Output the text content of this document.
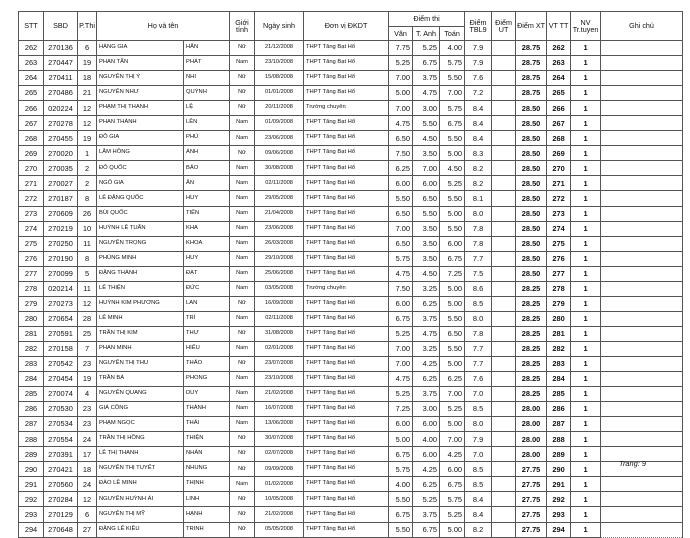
STT	SBD	P.Thi	Họ và tên		Giới tính	Ngày sinh	Đơn vị ĐKDT	Điểm thi			Điểm TBL9	Điểm UT	Điểm XT	VT TT	NV Tr.tuyen	Ghi chú
								Văn	T. Anh	Toán						
262	270136	6	HÀNG GIA	HÂN	Nữ	21/12/2008	THPT Tăng Bạt Hổ	7.75	5.25	4.00	7.9		28.75	262	1	
263	270447	19	PHAN TẤN	PHÁT	Nam	23/10/2008	THPT Tăng Bạt Hổ	5.25	6.75	5.75	7.9		28.75	263	1	
264	270411	18	NGUYỄN THỊ Ý	NHI	Nữ	15/08/2008	THPT Tăng Bạt Hổ	7.00	3.75	5.50	7.6		28.75	264	1	
265	270486	21	NGUYỄN NHƯ	QUỲNH	Nữ	01/01/2008	THPT Tăng Bạt Hổ	5.00	4.75	7.00	7.2		28.75	265	1	
266	020224	12	PHẠM THỊ THANH	LỆ	Nữ	20/11/2008	Trường chuyên	7.00	3.00	5.75	8.4		28.50	266	1	
267	270278	12	PHAN THÀNH	LÊN	Nam	01/09/2008	THPT Tăng Bạt Hổ	4.75	5.50	6.75	8.4		28.50	267	1	
268	270455	19	ĐỖ GIA	PHÚ	Nam	23/06/2008	THPT Tăng Bạt Hổ	6.50	4.50	5.50	8.4		28.50	268	1	
269	270020	1	LÂM HỒNG	ÁNH	Nữ	09/06/2008	THPT Tăng Bạt Hổ	7.50	3.50	5.00	8.3		28.50	269	1	
270	270035	2	ĐỖ QUỐC	BẢO	Nam	30/08/2008	THPT Tăng Bạt Hổ	6.25	7.00	4.50	8.2		28.50	270	1	
271	270027	2	NGÔ GIA	ÂN	Nam	02/11/2008	THPT Tăng Bạt Hổ	6.00	6.00	5.25	8.2		28.50	271	1	
272	270187	8	LÊ ĐẶNG QUỐC	HUY	Nam	29/05/2008	THPT Tăng Bạt Hổ	5.50	6.50	5.50	8.1		28.50	272	1	
273	270609	26	BÙI QUỐC	TIẾN	Nam	21/04/2008	THPT Tăng Bạt Hổ	6.50	5.50	5.00	8.0		28.50	273	1	
274	270219	10	HUỲNH LÊ TUẤN	KHA	Nam	23/06/2008	THPT Tăng Bạt Hổ	7.00	3.50	5.50	7.8		28.50	274	1	
275	270250	11	NGUYỄN TRỌNG	KHOA	Nam	26/03/2008	THPT Tăng Bạt Hổ	6.50	3.50	6.00	7.8		28.50	275	1	
276	270190	8	PHÙNG MINH	HUY	Nam	29/10/2008	THPT Tăng Bạt Hổ	5.75	3.50	6.75	7.7		28.50	276	1	
277	270099	5	ĐẶNG THÀNH	ĐẠT	Nam	25/06/2008	THPT Tăng Bạt Hổ	4.75	4.50	7.25	7.5		28.50	277	1	
278	020214	11	LÊ THIỆN	ĐỨC	Nam	03/05/2008	Trường chuyên	7.50	3.25	5.00	8.6		28.25	278	1	
279	270273	12	HUỲNH KIM PHƯƠNG	LAN	Nữ	16/09/2008	THPT Tăng Bạt Hổ	6.00	6.25	5.00	8.5		28.25	279	1	
280	270654	28	LÊ MINH	TRÍ	Nam	02/11/2008	THPT Tăng Bạt Hổ	6.75	3.75	5.50	8.0		28.25	280	1	
281	270591	25	TRẦN THỊ KIM	THƯ	Nữ	31/08/2008	THPT Tăng Bạt Hổ	5.25	4.75	6.50	7.8		28.25	281	1	
282	270158	7	PHAN MINH	HIẾU	Nam	02/01/2008	THPT Tăng Bạt Hổ	7.00	3.25	5.50	7.7		28.25	282	1	
283	270542	23	NGUYỄN THỊ THU	THẢO	Nữ	23/07/2008	THPT Tăng Bạt Hổ	7.00	4.25	5.00	7.7		28.25	283	1	
284	270454	19	TRẦN BÁ	PHONG	Nam	23/10/2008	THPT Tăng Bạt Hổ	4.75	6.25	6.25	7.6		28.25	284	1	
285	270074	4	NGUYỄN QUANG	DUY	Nam	21/02/2008	THPT Tăng Bạt Hổ	5.25	3.75	7.00	7.0		28.25	285	1	
286	270530	23	GIÁ CÔNG	THÀNH	Nam	16/07/2008	THPT Tăng Bạt Hổ	7.25	3.00	5.25	8.5		28.00	286	1	
287	270534	23	PHẠM NGỌC	THÁI	Nam	13/06/2008	THPT Tăng Bạt Hổ	6.00	6.00	5.00	8.0		28.00	287	1	
288	270554	24	TRẦN THỊ HỒNG	THIỆN	Nữ	30/07/2008	THPT Tăng Bạt Hổ	5.00	4.00	7.00	7.9		28.00	288	1	
289	270391	17	LÊ THỊ THANH	NHÀN	Nữ	02/07/2008	THPT Tăng Bạt Hổ	6.75	6.00	4.25	7.0		28.00	289	1	
290	270421	18	NGUYỄN THỊ TUYẾT	NHUNG	Nữ	09/09/2008	THPT Tăng Bạt Hổ	5.75	4.25	6.00	8.5		27.75	290	1	
291	270560	24	ĐÀO LÊ MINH	THỊNH	Nam	01/02/2008	THPT Tăng Bạt Hổ	4.00	6.25	6.75	8.5		27.75	291	1	
292	270284	12	NGUYỄN HUỲNH ÁI	LINH	Nữ	10/05/2008	THPT Tăng Bạt Hổ	5.50	5.25	5.75	8.4		27.75	292	1	
293	270129	6	NGUYỄN THỊ MỸ	HẠNH	Nữ	21/02/2008	THPT Tăng Bạt Hổ	6.75	3.75	5.25	8.4		27.75	293	1	
294	270648	27	ĐẶNG LÊ KIỀU	TRINH	Nữ	05/05/2008	THPT Tăng Bạt Hổ	5.50	6.75	5.00	8.2		27.75	294	1	
Trang: 9
